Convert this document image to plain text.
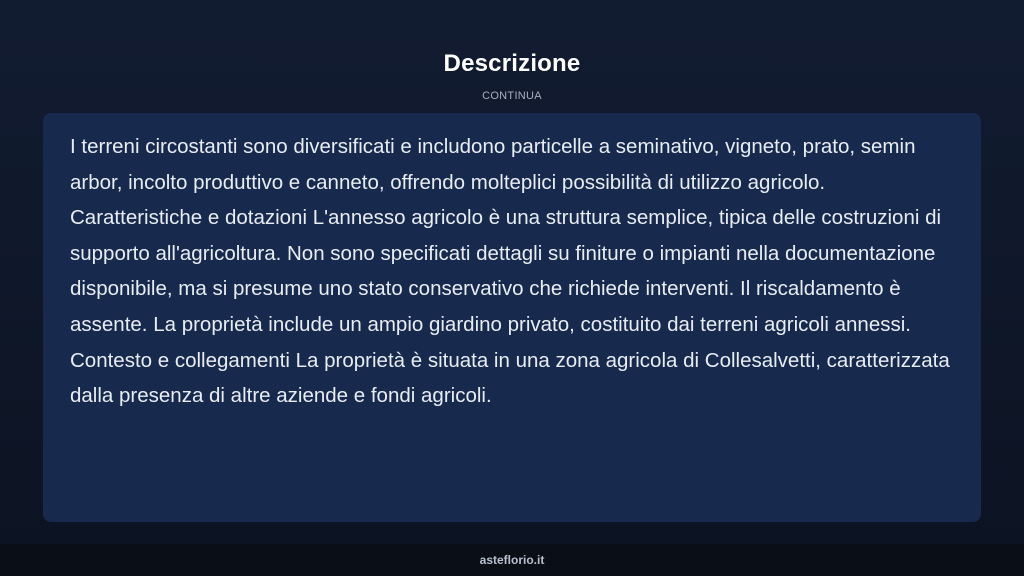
Descrizione
CONTINUA

I terreni circostanti sono diversificati e includono particelle a seminativo, vigneto, prato, semin arbor, incolto produttivo e canneto, offrendo molteplici possibilità di utilizzo agricolo. Caratteristiche e dotazioni L'annesso agricolo è una struttura semplice, tipica delle costruzioni di supporto all'agricoltura. Non sono specificati dettagli su finiture o impianti nella documentazione disponibile, ma si presume uno stato conservativo che richiede interventi. Il riscaldamento è assente. La proprietà include un ampio giardino privato, costituito dai terreni agricoli annessi. Contesto e collegamenti La proprietà è situata in una zona agricola di Collesalvetti, caratterizzata dalla presenza di altre aziende e fondi agricoli.

asteflorio.it
